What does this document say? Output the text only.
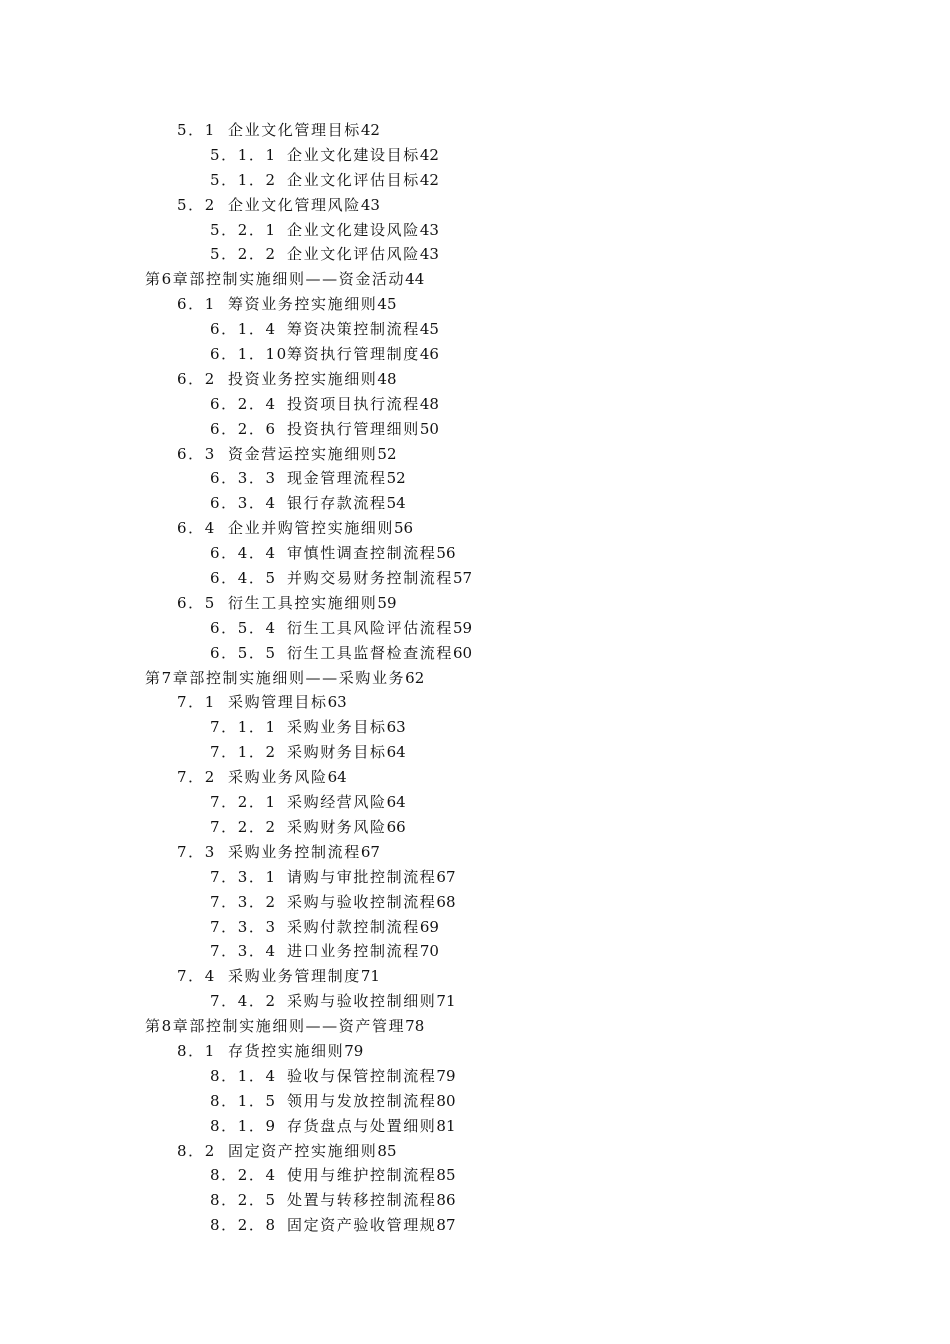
5．1 企业文化管理目标42
5．1．1 企业文化建设目标42
5．1．2 企业文化评估目标42
5．2 企业文化管理风险43
5．2．1 企业文化建设风险43
5．2．2 企业文化评估风险43
第6章部控制实施细则——资金活动44
6．1 筹资业务控实施细则45
6．1．4 筹资决策控制流程45
6．1．10筹资执行管理制度46
6．2 投资业务控实施细则48
6．2．4 投资项目执行流程48
6．2．6 投资执行管理细则50
6．3 资金营运控实施细则52
6．3．3 现金管理流程52
6．3．4 银行存款流程54
6．4 企业并购管控实施细则56
6．4．4 审慎性调查控制流程56
6．4．5 并购交易财务控制流程57
6．5 衍生工具控实施细则59
6．5．4 衍生工具风险评估流程59
6．5．5 衍生工具监督检查流程60
第7章部控制实施细则——采购业务62
7．1 采购管理目标63
7．1．1 采购业务目标63
7．1．2 采购财务目标64
7．2 采购业务风险64
7．2．1 采购经营风险64
7．2．2 采购财务风险66
7．3 采购业务控制流程67
7．3．1 请购与审批控制流程67
7．3．2 采购与验收控制流程68
7．3．3 采购付款控制流程69
7．3．4 进口业务控制流程70
7．4 采购业务管理制度71
7．4．2 采购与验收控制细则71
第8章部控制实施细则——资产管理78
8．1 存货控实施细则79
8．1．4 验收与保管控制流程79
8．1．5 领用与发放控制流程80
8．1．9 存货盘点与处置细则81
8．2 固定资产控实施细则85
8．2．4 使用与维护控制流程85
8．2．5 处置与转移控制流程86
8．2．8 固定资产验收管理规87
